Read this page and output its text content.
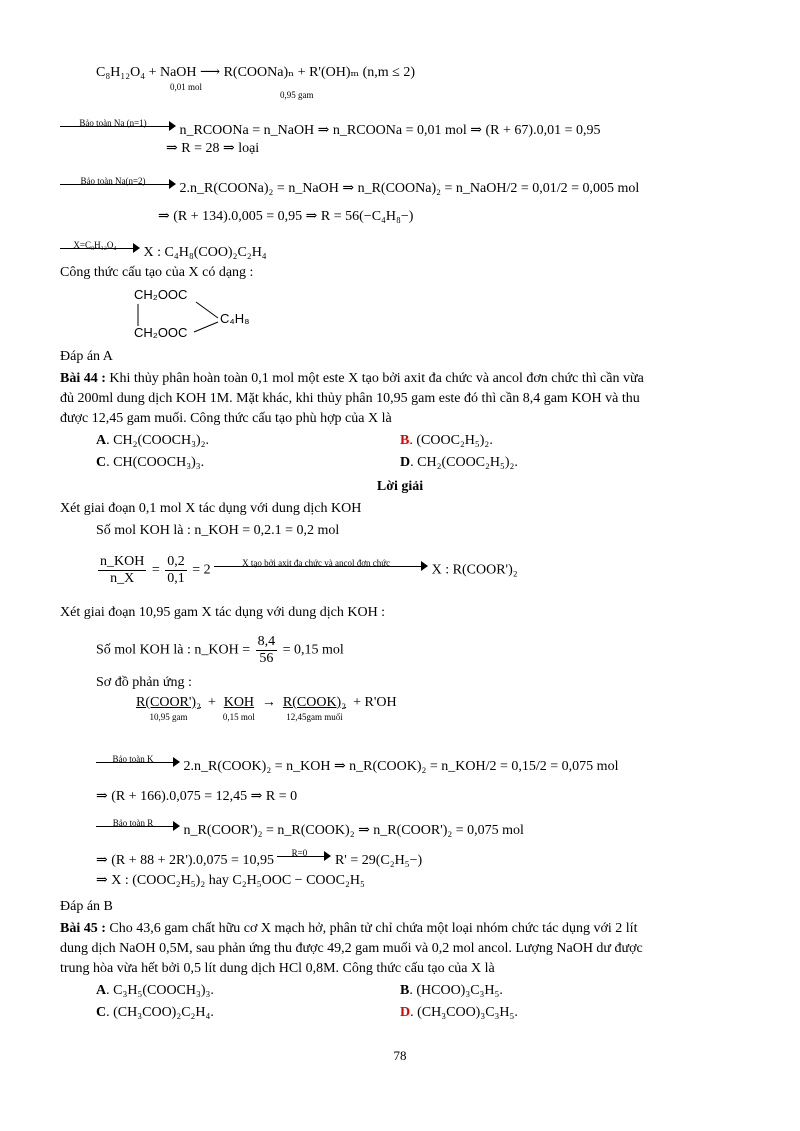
C₈H₁₂O₄ + NaOH ⟶ R(COONa)ₙ + R'(OH)ₘ (n,m ≤ 2)
0,01 mol
0,95 gam
Bảo toàn Na (n=1)	n_RCOONa = n_NaOH ⇒ n_RCOONa = 0,01 mol ⇒ (R + 67).0,01 = 0,95
⇒ R = 28 ⇒ loại
Bảo toàn Na(n=2)	2.n_R(COONa)₂ = n_NaOH ⇒ n_R(COONa)₂ = n_NaOH/2 = 0,01/2 = 0,005 mol
⇒ (R + 134).0,005 = 0,95 ⇒ R = 56(−C₄H₈−)
X=C₈H₁₂O₄	X : C₄H₈(COO)₂C₂H₄
Công thức cấu tạo của X có dạng :
CH₂OOC
CH₂OOC
C₄H₈
Đáp án A
Bài 44 : Khi thủy phân hoàn toàn 0,1 mol một este X tạo bởi axit đa chức và ancol đơn chức thì cần vừa
đủ 200ml dung dịch KOH 1M. Mặt khác, khi thủy phân 10,95 gam este đó thì cần 8,4 gam KOH và thu
được 12,45 gam muối. Công thức cấu tạo phù hợp của X là
A. CH₂(COOCH₃)₂.	B. (COOC₂H₅)₂.
C. CH(COOCH₃)₃.	D. CH₂(COOC₂H₅)₂.
Lời giải
Xét giai đoạn 0,1 mol X tác dụng với dung dịch KOH
Số mol KOH là : n_KOH = 0,2.1 = 0,2 mol
$\frac{\text{n\_KOH}}{n\_X} = \frac{0,2}{0,1} = 2$	X tạo bởi axit đa chức và ancol đơn chức	X : R(COOR')₂
Xét giai đoạn 10,95 gam X tác dụng với dung dịch KOH :
Số mol KOH là : n_KOH = $\frac{8,4}{56} = 0,15$ mol
Sơ đồ phản ứng :
R(COOR')₂
10,95 gam
+ KOH
0,15 mol
→ R(COOK)₂
12,45gam muối
+ R'OH
Bảo toàn K	2.n_R(COOK)₂ = n_KOH ⇒ n_R(COOK)₂ = n_KOH/2 = 0,15/2 = 0,075 mol
⇒ (R + 166).0,075 = 12,45 ⇒ R = 0
Bảo toàn R	n_R(COOR')₂ = n_R(COOK)₂ ⇒ n_R(COOR')₂ = 0,075 mol
⇒ (R + 88 + 2R').0,075 = 10,95	R=0	R' = 29(C₂H₅−)
⇒ X : (COOC₂H₅)₂ hay C₂H₅OOC − COOC₂H₅
Đáp án B
Bài 45 : Cho 43,6 gam chất hữu cơ X mạch hở, phân tử chỉ chứa một loại nhóm chức tác dụng với 2 lít
dung dịch NaOH 0,5M, sau phản ứng thu được 49,2 gam muối và 0,2 mol ancol. Lượng NaOH dư được
trung hòa vừa hết bởi 0,5 lít dung dịch HCl 0,8M. Công thức cấu tạo của X là
A. C₃H₅(COOCH₃)₃.	B. (HCOO)₃C₃H₅.
C. (CH₃COO)₂C₂H₄.	D. (CH₃COO)₃C₃H₅.
78
